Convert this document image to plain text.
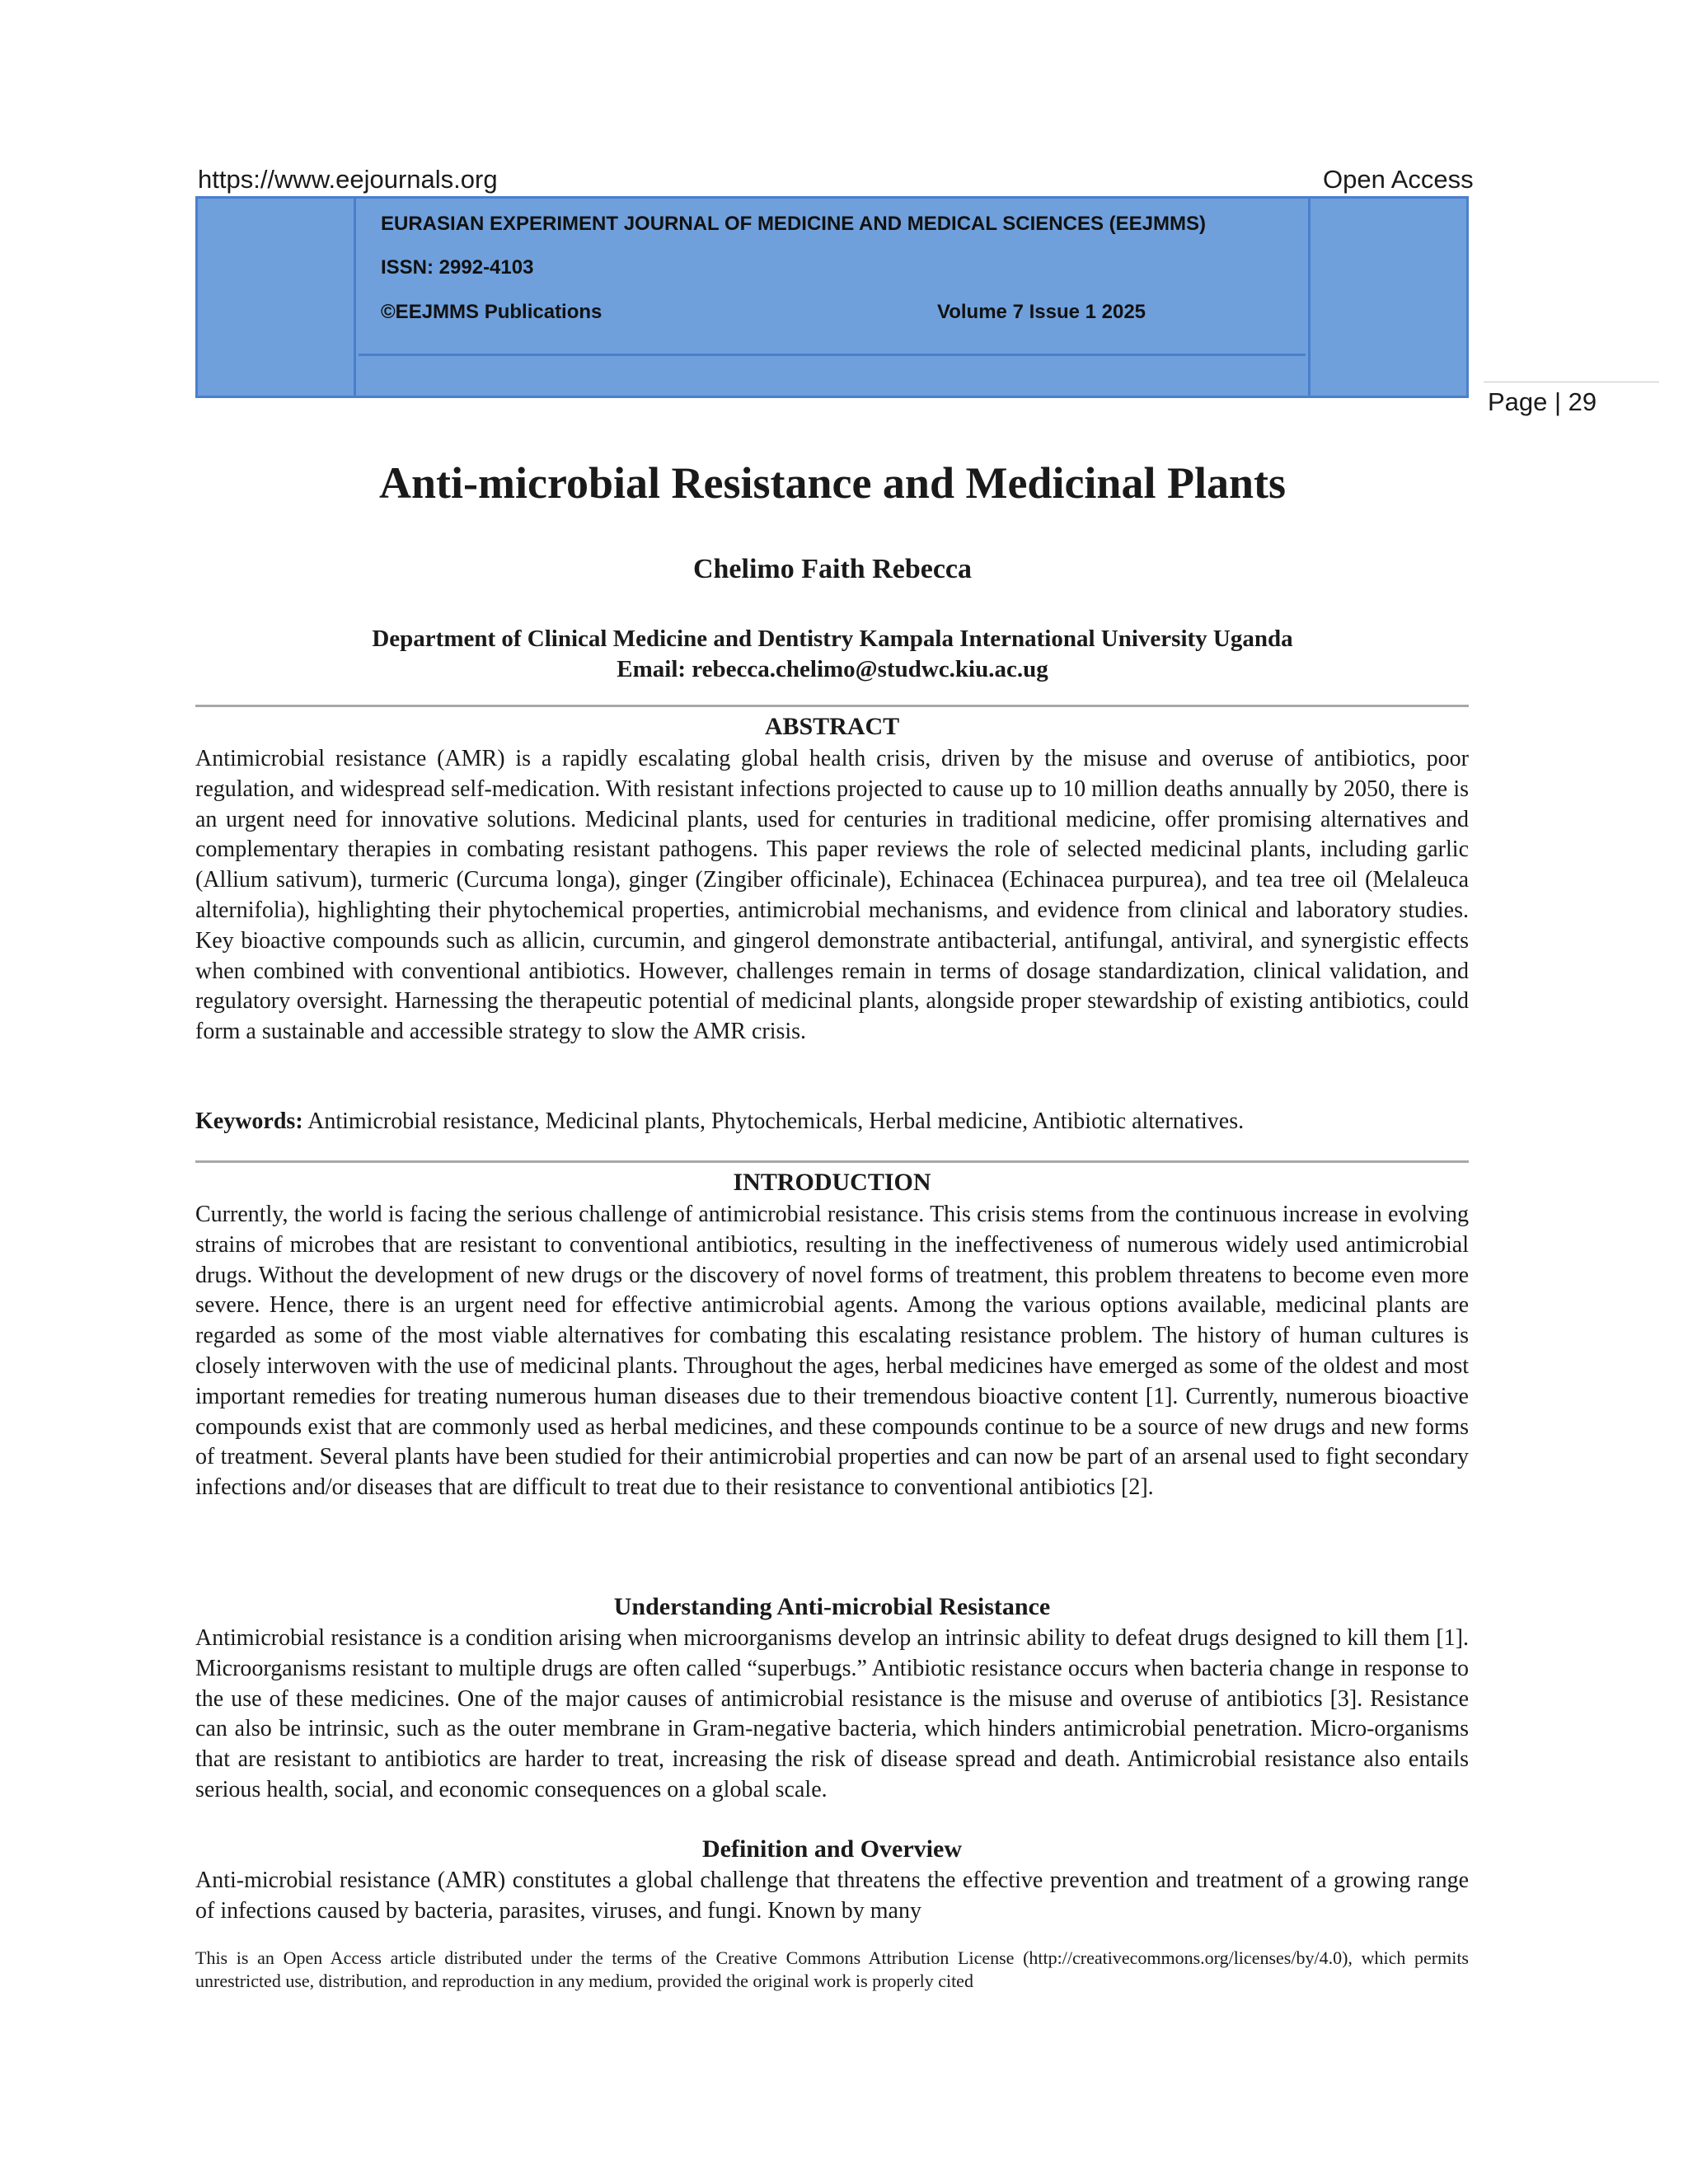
https://www.eejournals.org	Open Access
EURASIAN EXPERIMENT JOURNAL OF MEDICINE AND MEDICAL SCIENCES (EEJMMS)
ISSN: 2992-4103
©EEJMMS Publications	Volume 7 Issue 1 2025
Page | 29
Anti-microbial Resistance and Medicinal Plants
Chelimo Faith Rebecca
Department of Clinical Medicine and Dentistry Kampala International University Uganda
Email: rebecca.chelimo@studwc.kiu.ac.ug
ABSTRACT

Antimicrobial resistance (AMR) is a rapidly escalating global health crisis, driven by the misuse and overuse of antibiotics, poor regulation, and widespread self-medication. With resistant infections projected to cause up to 10 million deaths annually by 2050, there is an urgent need for innovative solutions. Medicinal plants, used for centuries in traditional medicine, offer promising alternatives and complementary therapies in combating resistant pathogens. This paper reviews the role of selected medicinal plants, including garlic (Allium sativum), turmeric (Curcuma longa), ginger (Zingiber officinale), Echinacea (Echinacea purpurea), and tea tree oil (Melaleuca alternifolia), highlighting their phytochemical properties, antimicrobial mechanisms, and evidence from clinical and laboratory studies. Key bioactive compounds such as allicin, curcumin, and gingerol demonstrate antibacterial, antifungal, antiviral, and synergistic effects when combined with conventional antibiotics. However, challenges remain in terms of dosage standardization, clinical validation, and regulatory oversight. Harnessing the therapeutic potential of medicinal plants, alongside proper stewardship of existing antibiotics, could form a sustainable and accessible strategy to slow the AMR crisis.

Keywords: Antimicrobial resistance, Medicinal plants, Phytochemicals, Herbal medicine, Antibiotic alternatives.

INTRODUCTION

Currently, the world is facing the serious challenge of antimicrobial resistance. This crisis stems from the continuous increase in evolving strains of microbes that are resistant to conventional antibiotics, resulting in the ineffectiveness of numerous widely used antimicrobial drugs. Without the development of new drugs or the discovery of novel forms of treatment, this problem threatens to become even more severe. Hence, there is an urgent need for effective antimicrobial agents. Among the various options available, medicinal plants are regarded as some of the most viable alternatives for combating this escalating resistance problem. The history of human cultures is closely interwoven with the use of medicinal plants. Throughout the ages, herbal medicines have emerged as some of the oldest and most important remedies for treating numerous human diseases due to their tremendous bioactive content [1]. Currently, numerous bioactive compounds exist that are commonly used as herbal medicines, and these compounds continue to be a source of new drugs and new forms of treatment. Several plants have been studied for their antimicrobial properties and can now be part of an arsenal used to fight secondary infections and/or diseases that are difficult to treat due to their resistance to conventional antibiotics [2].

Understanding Anti-microbial Resistance

Antimicrobial resistance is a condition arising when microorganisms develop an intrinsic ability to defeat drugs designed to kill them [1]. Microorganisms resistant to multiple drugs are often called “superbugs.” Antibiotic resistance occurs when bacteria change in response to the use of these medicines. One of the major causes of antimicrobial resistance is the misuse and overuse of antibiotics [3]. Resistance can also be intrinsic, such as the outer membrane in Gram-negative bacteria, which hinders antimicrobial penetration. Micro-organisms that are resistant to antibiotics are harder to treat, increasing the risk of disease spread and death. Antimicrobial resistance also entails serious health, social, and economic consequences on a global scale.

Definition and Overview

Anti-microbial resistance (AMR) constitutes a global challenge that threatens the effective prevention and treatment of a growing range of infections caused by bacteria, parasites, viruses, and fungi. Known by many

This is an Open Access article distributed under the terms of the Creative Commons Attribution License (http://creativecommons.org/licenses/by/4.0), which permits unrestricted use, distribution, and reproduction in any medium, provided the original work is properly cited
